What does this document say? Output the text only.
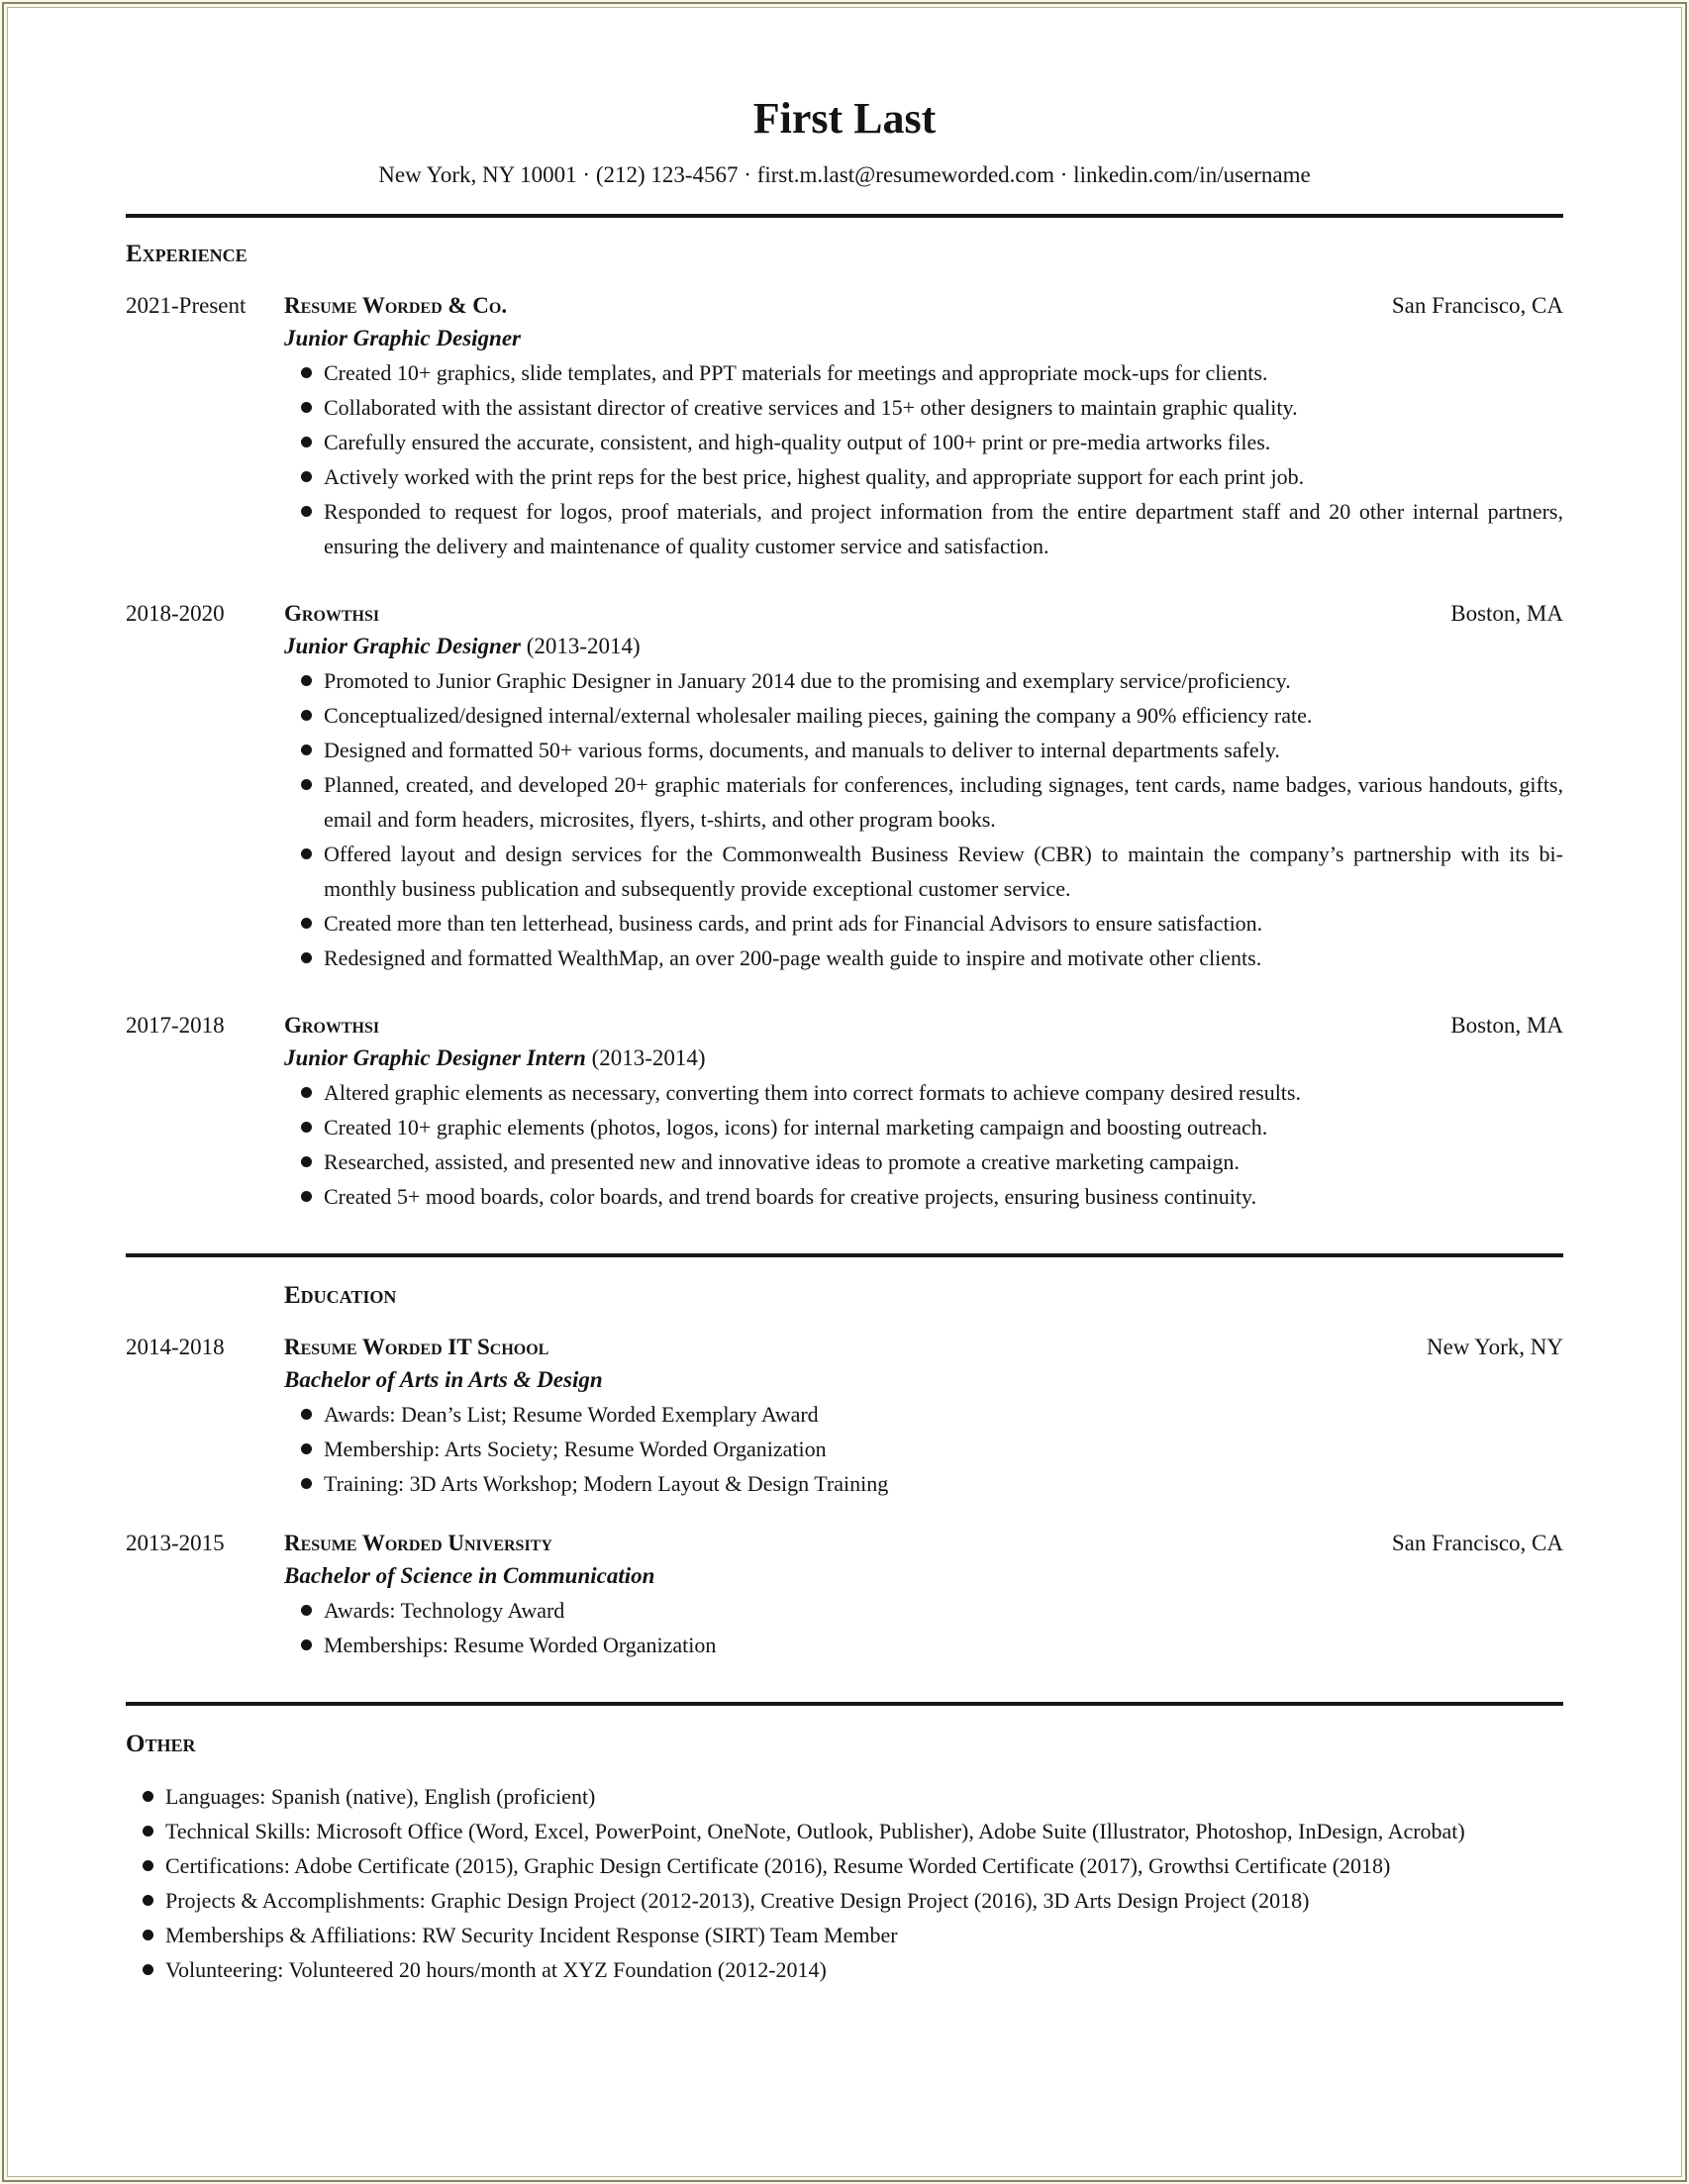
First Last
New York, NY 10001 · (212) 123-4567 · first.m.last@resumeworded.com · linkedin.com/in/username
Experience
2021-Present	Resume Worded & Co.	San Francisco, CA
Junior Graphic Designer
Created 10+ graphics, slide templates, and PPT materials for meetings and appropriate mock-ups for clients.
Collaborated with the assistant director of creative services and 15+ other designers to maintain graphic quality.
Carefully ensured the accurate, consistent, and high-quality output of 100+ print or pre-media artworks files.
Actively worked with the print reps for the best price, highest quality, and appropriate support for each print job.
Responded to request for logos, proof materials, and project information from the entire department staff and 20 other internal partners, ensuring the delivery and maintenance of quality customer service and satisfaction.
2018-2020	Growthsi	Boston, MA
Junior Graphic Designer (2013-2014)
Promoted to Junior Graphic Designer in January 2014 due to the promising and exemplary service/proficiency.
Conceptualized/designed internal/external wholesaler mailing pieces, gaining the company a 90% efficiency rate.
Designed and formatted 50+ various forms, documents, and manuals to deliver to internal departments safely.
Planned, created, and developed 20+ graphic materials for conferences, including signages, tent cards, name badges, various handouts, gifts, email and form headers, microsites, flyers, t-shirts, and other program books.
Offered layout and design services for the Commonwealth Business Review (CBR) to maintain the company’s partnership with its bi-monthly business publication and subsequently provide exceptional customer service.
Created more than ten letterhead, business cards, and print ads for Financial Advisors to ensure satisfaction.
Redesigned and formatted WealthMap, an over 200-page wealth guide to inspire and motivate other clients.
2017-2018	Growthsi	Boston, MA
Junior Graphic Designer Intern (2013-2014)
Altered graphic elements as necessary, converting them into correct formats to achieve company desired results.
Created 10+ graphic elements (photos, logos, icons) for internal marketing campaign and boosting outreach.
Researched, assisted, and presented new and innovative ideas to promote a creative marketing campaign.
Created 5+ mood boards, color boards, and trend boards for creative projects, ensuring business continuity.
Education
2014-2018	Resume Worded IT School	New York, NY
Bachelor of Arts in Arts & Design
Awards: Dean’s List; Resume Worded Exemplary Award
Membership: Arts Society; Resume Worded Organization
Training: 3D Arts Workshop; Modern Layout & Design Training
2013-2015	Resume Worded University	San Francisco, CA
Bachelor of Science in Communication
Awards: Technology Award
Memberships: Resume Worded Organization
Other
Languages: Spanish (native), English (proficient)
Technical Skills: Microsoft Office (Word, Excel, PowerPoint, OneNote, Outlook, Publisher), Adobe Suite (Illustrator, Photoshop, InDesign, Acrobat)
Certifications: Adobe Certificate (2015), Graphic Design Certificate (2016), Resume Worded Certificate (2017), Growthsi Certificate (2018)
Projects & Accomplishments: Graphic Design Project (2012-2013), Creative Design Project (2016), 3D Arts Design Project (2018)
Memberships & Affiliations: RW Security Incident Response (SIRT) Team Member
Volunteering: Volunteered 20 hours/month at XYZ Foundation (2012-2014)
